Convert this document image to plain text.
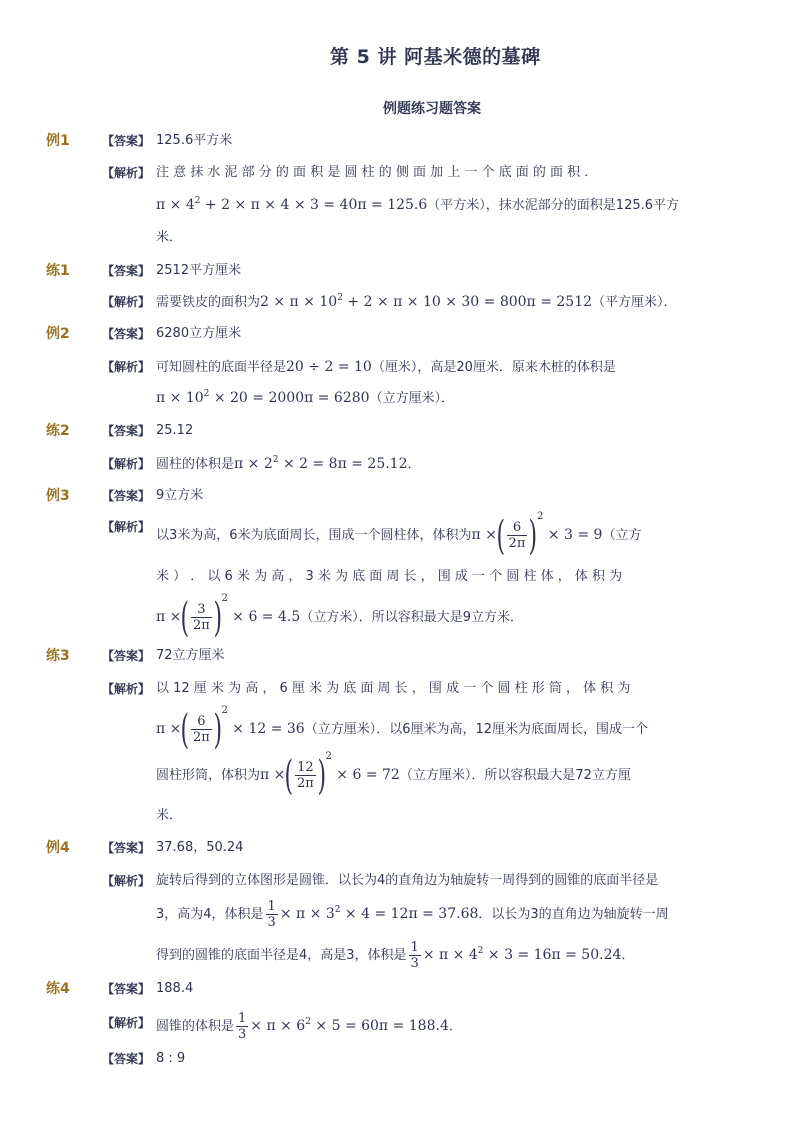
第 5 讲 阿基米德的墓碑
例题练习题答案
例1	【 答案 】	125.6平方米
【 解析 】	注 意 抹 水 泥 部 分 的 面 积 是 圆 柱 的 侧 面 加 上 一 个 底 面 的 面 积 ．
$\pi \times 4^2 + 2 \times \pi \times 4 \times 3 = 40\pi = 125.6$（平方米），抹水泥部分的面积是125.6平方
米．
练1	【 答案 】	2512平方厘米
【 解析 】	需要铁皮的面积为$2 \times \pi \times 10^2 + 2 \times \pi \times 10 \times 30 = 800\pi = 2512$（平方厘米）．
例2	【 答案 】	6280立方厘米
【 解析 】	可知圆柱的底面半径是20 ÷ 2 = 10（厘米），高是20厘米．原来木桩的体积是
$\pi \times 10^2 \times 20 = 2000\pi = 6280$（立方厘米）．
练2	【 答案 】	25.12
【 解析 】	圆柱的体积是$\pi \times 2^2 \times 2 = 8\pi = 25.12$．
例3	【 答案 】	9立方米
【 解析 】
以3米为高，6米为底面周长，围成一个圆柱体，体积为π ×( $\frac{6}{2\pi} )^2 \times 3 = 9$（立方
米 ） ． 以 6 米 为 高 ， 3 米 为 底 面 周 长 ， 围 成 一 个 圆 柱 体 ， 体 积 为
π ×( $\frac{3}{2\pi} )^2 \times 6 = 4.5$（立方米）．所以容积最大是9立方米．
练3	【 答案 】	72立方厘米
【 解析 】	以 12 厘 米 为 高 ， 6 厘 米 为 底 面 周 长 ， 围 成 一 个 圆 柱 形 筒 ， 体 积 为
π ×( $\frac{6}{2\pi} )^2 \times 12 = 36$（立方厘米）．以6厘米为高，12厘米为底面周长，围成一个
圆柱形筒，体积为π ×( $\frac{12}{2\pi} )^2 \times 6 = 72$（立方厘米）．所以容积最大是72立方厘
米．
例4	【 答案 】	37.68，50.24
【 解析 】	旋转后得到的立体图形是圆锥．以长为4的直角边为轴旋转一周得到的圆锥的底面半径是
3，高为4，体积是 $\frac{1}{3} \times \pi \times 3^2 \times 4 = 12\pi = 37.68$．以长为3的直角边为轴旋转一周
得到的圆锥的底面半径是4，高是3，体积是 $\frac{1}{3} \times \pi \times 4^2 \times 3 = 16\pi = 50.24$．
练4	【 答案 】	188.4
【 解析 】	圆锥的体积是 $\frac{1}{3} \times \pi \times 6^2 \times 5 = 60\pi = 188.4$．
【 答案 】	8 : 9
